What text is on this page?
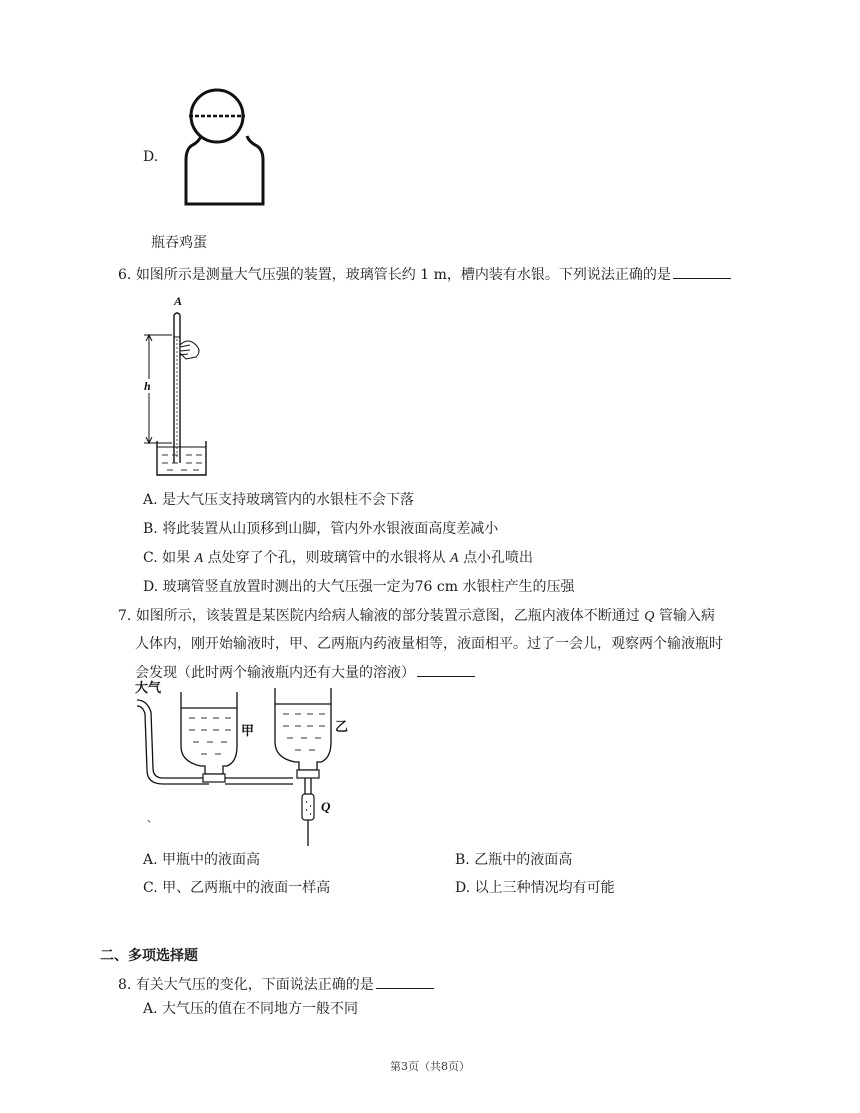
D.
瓶吞鸡蛋
6. 如图所示是测量大气压强的装置，玻璃管长约 1 m，槽内装有水银。下列说法正确的是
A
h
A. 是大气压支持玻璃管内的水银柱不会下落
B. 将此装置从山顶移到山脚，管内外水银液面高度差减小
C. 如果 A 点处穿了个孔，则玻璃管中的水银将从 A 点小孔喷出
D. 玻璃管竖直放置时测出的大气压强一定为76 cm 水银柱产生的压强
7. 如图所示，该装置是某医院内给病人输液的部分装置示意图，乙瓶内液体不断通过 Q 管输入病
人体内，刚开始输液时，甲、乙两瓶内药液量相等，液面相平。过了一会儿，观察两个输液瓶时
会发现（此时两个输液瓶内还有大量的溶液）
大气
甲	乙
Q
、
A. 甲瓶中的液面高	B. 乙瓶中的液面高
C. 甲、乙两瓶中的液面一样高	D. 以上三种情况均有可能
二、多项选择题
8. 有关大气压的变化，下面说法正确的是
A. 大气压的值在不同地方一般不同
第3页（共8页）
